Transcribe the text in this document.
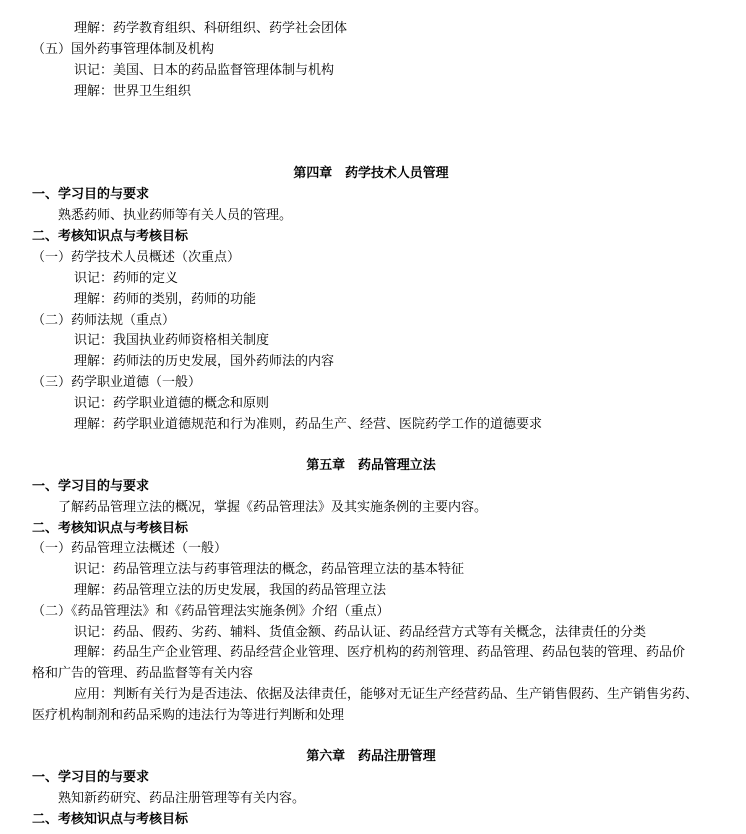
理解：药学教育组织、科研组织、药学社会团体
（五）国外药事管理体制及机构
识记：美国、日本的药品监督管理体制与机构
理解：世界卫生组织
第四章　药学技术人员管理
一、学习目的与要求
熟悉药师、执业药师等有关人员的管理。
二、考核知识点与考核目标
（一）药学技术人员概述（次重点）
识记：药师的定义
理解：药师的类别，药师的功能
（二）药师法规（重点）
识记：我国执业药师资格相关制度
理解：药师法的历史发展，国外药师法的内容
（三）药学职业道德（一般）
识记：药学职业道德的概念和原则
理解：药学职业道德规范和行为准则，药品生产、经营、医院药学工作的道德要求
第五章　药品管理立法
一、学习目的与要求
了解药品管理立法的概况，掌握《药品管理法》及其实施条例的主要内容。
二、考核知识点与考核目标
（一）药品管理立法概述（一般）
识记：药品管理立法与药事管理法的概念，药品管理立法的基本特征
理解：药品管理立法的历史发展，我国的药品管理立法
（二）《药品管理法》和《药品管理法实施条例》介绍（重点）
识记：药品、假药、劣药、辅料、货值金额、药品认证、药品经营方式等有关概念，法律责任的分类
理解：药品生产企业管理、药品经营企业管理、医疗机构的药剂管理、药品管理、药品包装的管理、药品价
格和广告的管理、药品监督等有关内容
应用：判断有关行为是否违法、依据及法律责任，能够对无证生产经营药品、生产销售假药、生产销售劣药、
医疗机构制剂和药品采购的违法行为等进行判断和处理
第六章　药品注册管理
一、学习目的与要求
熟知新药研究、药品注册管理等有关内容。
二、考核知识点与考核目标
